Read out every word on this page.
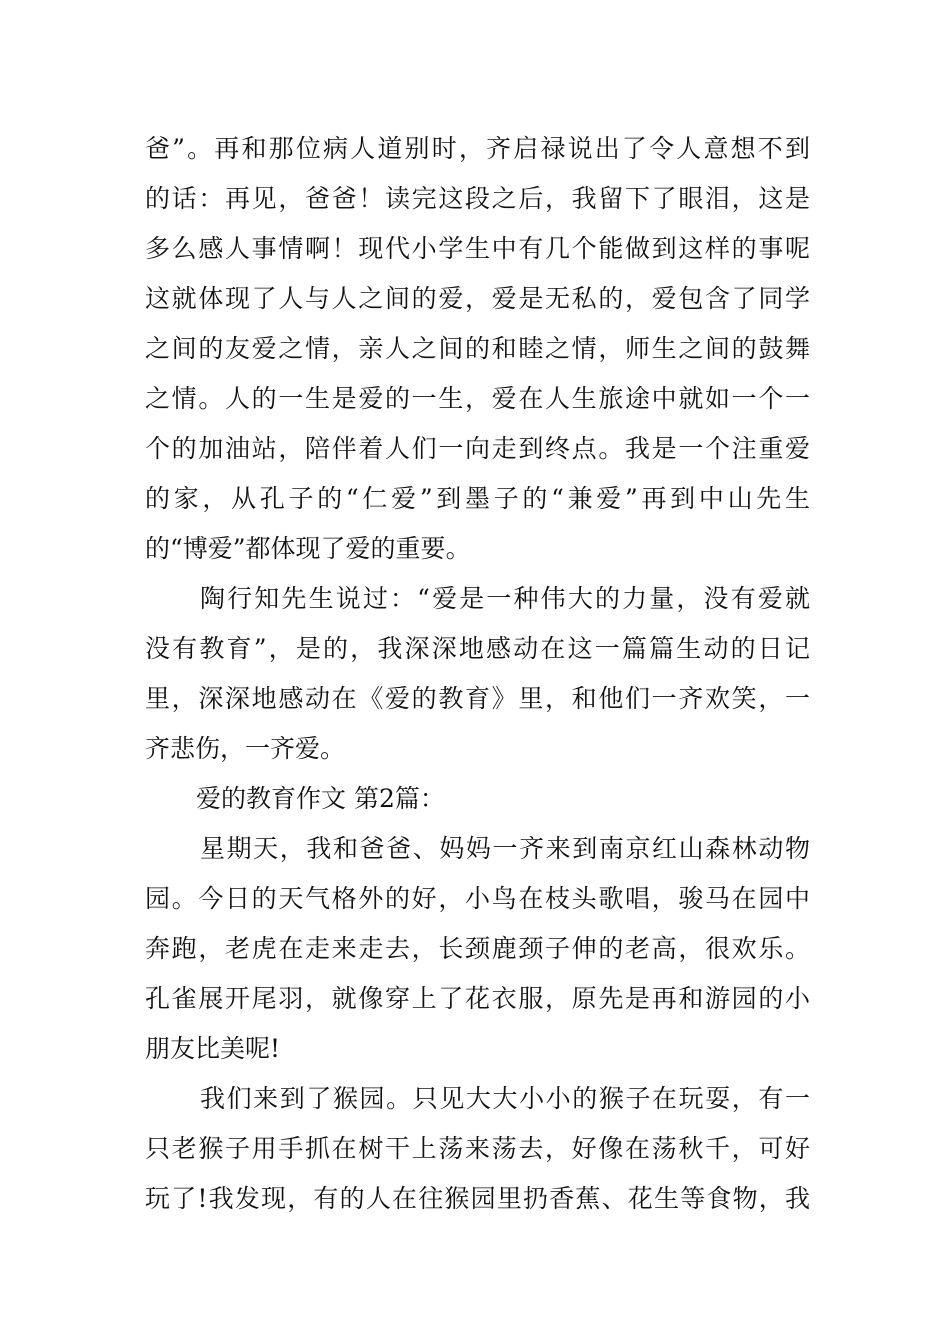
爸”。再和那位病人道别时，齐启禄说出了令人意想不到
的话：再见，爸爸！读完这段之后，我留下了眼泪，这是
多么感人事情啊！现代小学生中有几个能做到这样的事呢
这就体现了人与人之间的爱，爱是无私的，爱包含了同学
之间的友爱之情，亲人之间的和睦之情，师生之间的鼓舞
之情。人的一生是爱的一生，爱在人生旅途中就如一个一
个的加油站，陪伴着人们一向走到终点。我是一个注重爱
的家，从孔子的“仁爱”到墨子的“兼爱”再到中山先生
的“博爱”都体现了爱的重要。
陶行知先生说过：“爱是一种伟大的力量，没有爱就
没有教育”，是的，我深深地感动在这一篇篇生动的日记
里，深深地感动在《爱的教育》里，和他们一齐欢笑，一
齐悲伤，一齐爱。
爱的教育作文 第2篇：
星期天，我和爸爸、妈妈一齐来到南京红山森林动物
园。今日的天气格外的好，小鸟在枝头歌唱，骏马在园中
奔跑，老虎在走来走去，长颈鹿颈子伸的老高，很欢乐。
孔雀展开尾羽，就像穿上了花衣服，原先是再和游园的小
朋友比美呢!
我们来到了猴园。只见大大小小的猴子在玩耍，有一
只老猴子用手抓在树干上荡来荡去，好像在荡秋千，可好
玩了!我发现，有的人在往猴园里扔香蕉、花生等食物，我
